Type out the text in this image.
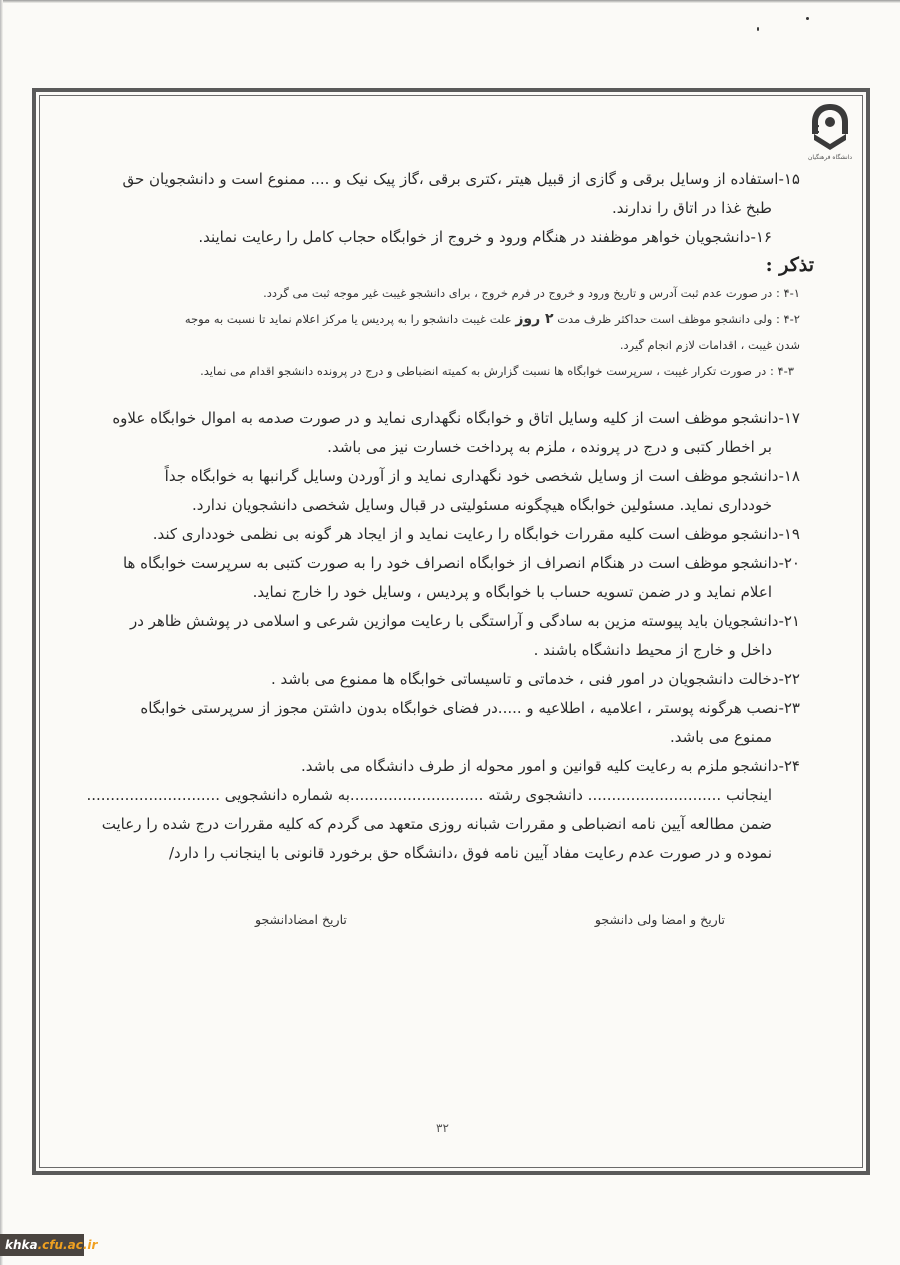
دانشگاه فرهنگیان
۱۵-استفاده از وسایل برقی و گازی از قبیل هیتر ،کتری برقی ،گاز پیک نیک و .... ممنوع است و دانشجویان حق
طبخ غذا در اتاق را ندارند.
۱۶-دانشجویان خواهر موظفند در هنگام ورود و خروج از خوابگاه حجاب کامل را رعایت نمایند.
تذکر :
۴-۱ : در صورت عدم ثبت آدرس و تاریخ ورود و خروج در فرم خروج ، برای دانشجو غیبت غیر موجه ثبت می گردد.
۴-۲ : ولی دانشجو موظف است حداکثر ظرف مدت ۲ روز علت غیبت دانشجو را به پردیس یا مرکز اعلام نماید تا نسبت به موجه
شدن غیبت ، اقدامات لازم انجام گیرد.
۴-۳ : در صورت تکرار غیبت ، سرپرست خوابگاه ها نسبت گزارش به کمیته انضباطی و درج در پرونده دانشجو اقدام می نماید.
۱۷-دانشجو موظف است از کلیه وسایل اتاق و خوابگاه نگهداری نماید و در صورت صدمه به اموال خوابگاه علاوه
بر اخطار کتبی و درج در پرونده ، ملزم به پرداخت خسارت نیز می باشد.
۱۸-دانشجو موظف است از وسایل شخصی خود نگهداری نماید و از آوردن وسایل گرانبها به خوابگاه جداً
خودداری نماید. مسئولین خوابگاه هیچگونه مسئولیتی در قبال وسایل شخصی دانشجویان ندارد.
۱۹-دانشجو موظف است کلیه مقررات خوابگاه را رعایت نماید و از ایجاد هر گونه بی نظمی خودداری کند.
۲۰-دانشجو موظف است در هنگام انصراف از خوابگاه انصراف خود را به صورت کتبی به سرپرست خوابگاه ها
اعلام نماید و در ضمن تسویه حساب با خوابگاه و پردیس ، وسایل خود را خارج نماید.
۲۱-دانشجویان باید پیوسته مزین به سادگی و آراستگی با رعایت موازین شرعی و اسلامی در پوشش ظاهر در
داخل و خارج از محیط دانشگاه باشند .
۲۲-دخالت دانشجویان در امور فنی ، خدماتی و تاسیساتی خوابگاه ها ممنوع می باشد .
۲۳-نصب هرگونه پوستر ، اعلامیه ، اطلاعیه و .....در فضای خوابگاه بدون داشتن مجوز از سرپرستی خوابگاه
ممنوع می باشد.
۲۴-دانشجو ملزم به رعایت کلیه قوانین و امور محوله از طرف دانشگاه می باشد.
اینجانب ............................ دانشجوی رشته ............................به شماره دانشجویی ............................
ضمن مطالعه آیین نامه انضباطی و مقررات شبانه روزی متعهد می گردم که کلیه مقررات درج شده را رعایت
نموده و در صورت عدم رعایت مفاد آیین نامه فوق ،دانشگاه حق برخورد قانونی با اینجانب را دارد/
تاریخ و امضا ولی دانشجو
تاریخ امضادانشجو
۳۲
khka.cfu.ac.ir
